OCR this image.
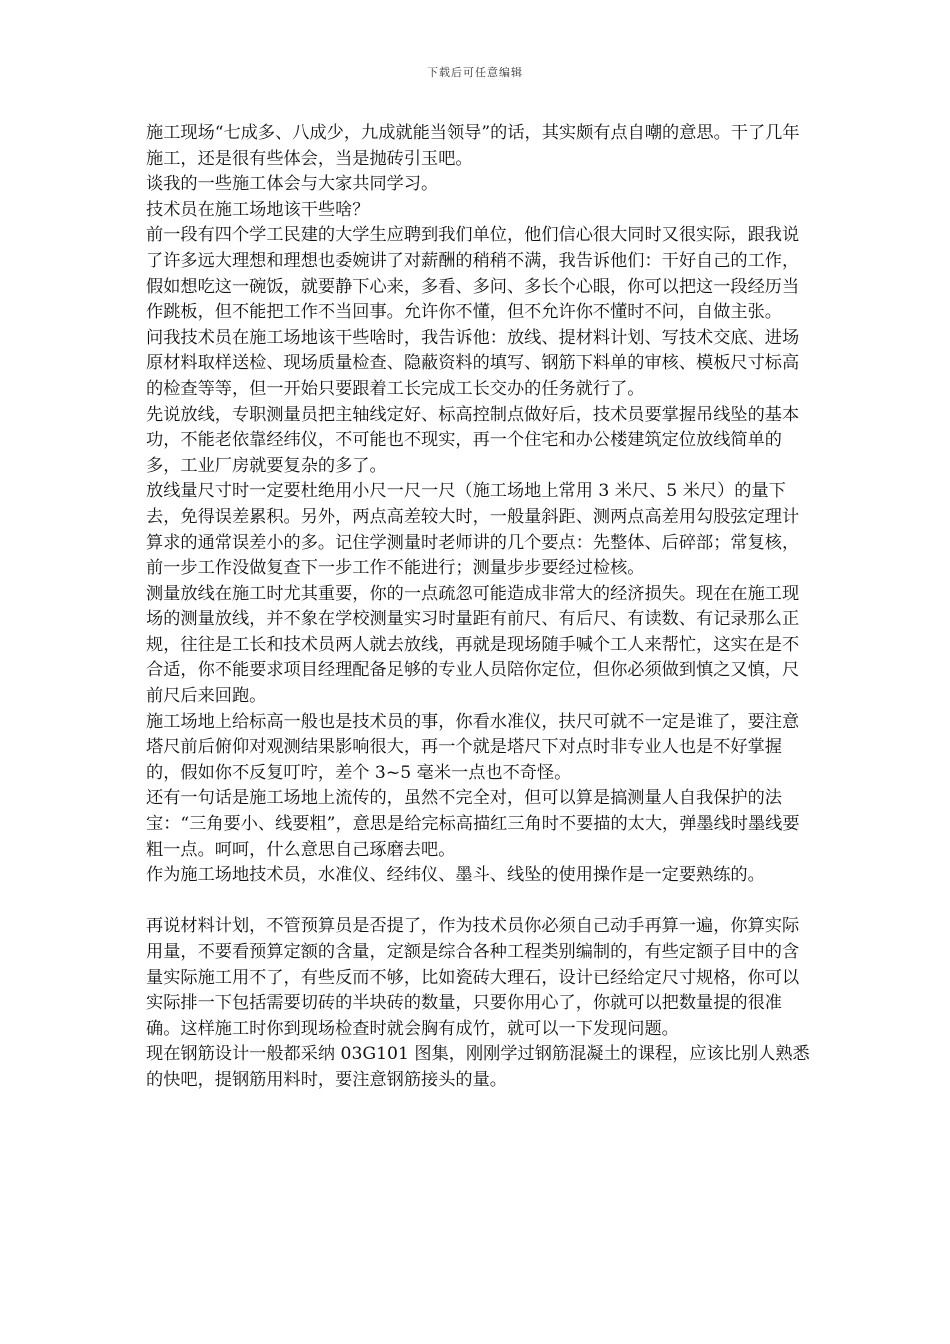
下载后可任意编辑

施工现场“七成多、八成少，九成就能当领导”的话，其实颇有点自嘲的意思。干了几年施工，还是很有些体会，当是抛砖引玉吧。

谈我的一些施工体会与大家共同学习。

技术员在施工场地该干些啥？

前一段有四个学工民建的大学生应聘到我们单位，他们信心很大同时又很实际，跟我说了许多远大理想和理想也委婉讲了对薪酬的稍稍不满，我告诉他们：干好自己的工作，假如想吃这一碗饭，就要静下心来，多看、多问、多长个心眼，你可以把这一段经历当作跳板，但不能把工作不当回事。允许你不懂，但不允许你不懂时不问，自做主张。

问我技术员在施工场地该干些啥时，我告诉他：放线、提材料计划、写技术交底、进场原材料取样送检、现场质量检查、隐蔽资料的填写、钢筋下料单的审核、模板尺寸标高的检查等等，但一开始只要跟着工长完成工长交办的任务就行了。

先说放线，专职测量员把主轴线定好、标高控制点做好后，技术员要掌握吊线坠的基本功，不能老依靠经纬仪，不可能也不现实，再一个住宅和办公楼建筑定位放线简单的多，工业厂房就要复杂的多了。

放线量尺寸时一定要杜绝用小尺一尺一尺（施工场地上常用 3 米尺、5 米尺）的量下去，免得误差累积。另外，两点高差较大时，一般量斜距、测两点高差用勾股弦定理计算求的通常误差小的多。记住学测量时老师讲的几个要点：先整体、后碎部；常复核，前一步工作没做复查下一步工作不能进行；测量步步要经过检核。

测量放线在施工时尤其重要，你的一点疏忽可能造成非常大的经济损失。现在在施工现场的测量放线，并不象在学校测量实习时量距有前尺、有后尺、有读数、有记录那么正规，往往是工长和技术员两人就去放线，再就是现场随手喊个工人来帮忙，这实在是不合适，你不能要求项目经理配备足够的专业人员陪你定位，但你必须做到慎之又慎，尺前尺后来回跑。

施工场地上给标高一般也是技术员的事，你看水准仪，扶尺可就不一定是谁了，要注意塔尺前后俯仰对观测结果影响很大，再一个就是塔尺下对点时非专业人也是不好掌握的，假如你不反复叮咛，差个 3~5 毫米一点也不奇怪。

还有一句话是施工场地上流传的，虽然不完全对，但可以算是搞测量人自我保护的法宝：“三角要小、线要粗”，意思是给完标高描红三角时不要描的太大，弹墨线时墨线要粗一点。呵呵，什么意思自己琢磨去吧。

作为施工场地技术员，水准仪、经纬仪、墨斗、线坠的使用操作是一定要熟练的。

再说材料计划，不管预算员是否提了，作为技术员你必须自己动手再算一遍，你算实际用量，不要看预算定额的含量，定额是综合各种工程类别编制的，有些定额子目中的含量实际施工用不了，有些反而不够，比如瓷砖大理石，设计已经给定尺寸规格，你可以实际排一下包括需要切砖的半块砖的数量，只要你用心了，你就可以把数量提的很准确。这样施工时你到现场检查时就会胸有成竹，就可以一下发现问题。

现在钢筋设计一般都采纳 03G101 图集，刚刚学过钢筋混凝土的课程，应该比别人熟悉的快吧，提钢筋用料时，要注意钢筋接头的量。
